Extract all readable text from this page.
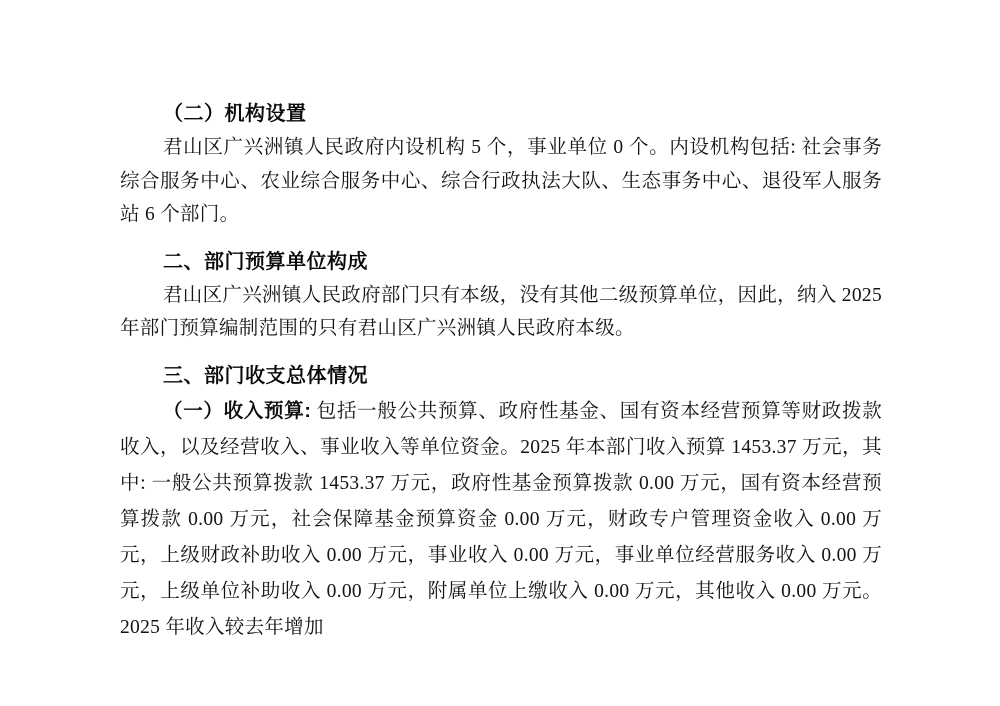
（二）机构设置

君山区广兴洲镇人民政府内设机构 5 个，事业单位 0 个。内设机构包括: 社会事务综合服务中心、农业综合服务中心、综合行政执法大队、生态事务中心、退役军人服务站 6 个部门。

二、部门预算单位构成

君山区广兴洲镇人民政府部门只有本级，没有其他二级预算单位，因此，纳入 2025 年部门预算编制范围的只有君山区广兴洲镇人民政府本级。

三、部门收支总体情况

（一）收入预算: 包括一般公共预算、政府性基金、国有资本经营预算等财政拨款收入，以及经营收入、事业收入等单位资金。2025 年本部门收入预算 1453.37 万元，其中: 一般公共预算拨款 1453.37 万元，政府性基金预算拨款 0.00 万元，国有资本经营预算拨款 0.00 万元，社会保障基金预算资金 0.00 万元，财政专户管理资金收入 0.00 万元，上级财政补助收入 0.00 万元，事业收入 0.00 万元，事业单位经营服务收入 0.00 万元，上级单位补助收入 0.00 万元，附属单位上缴收入 0.00 万元，其他收入 0.00 万元。2025 年收入较去年增加
